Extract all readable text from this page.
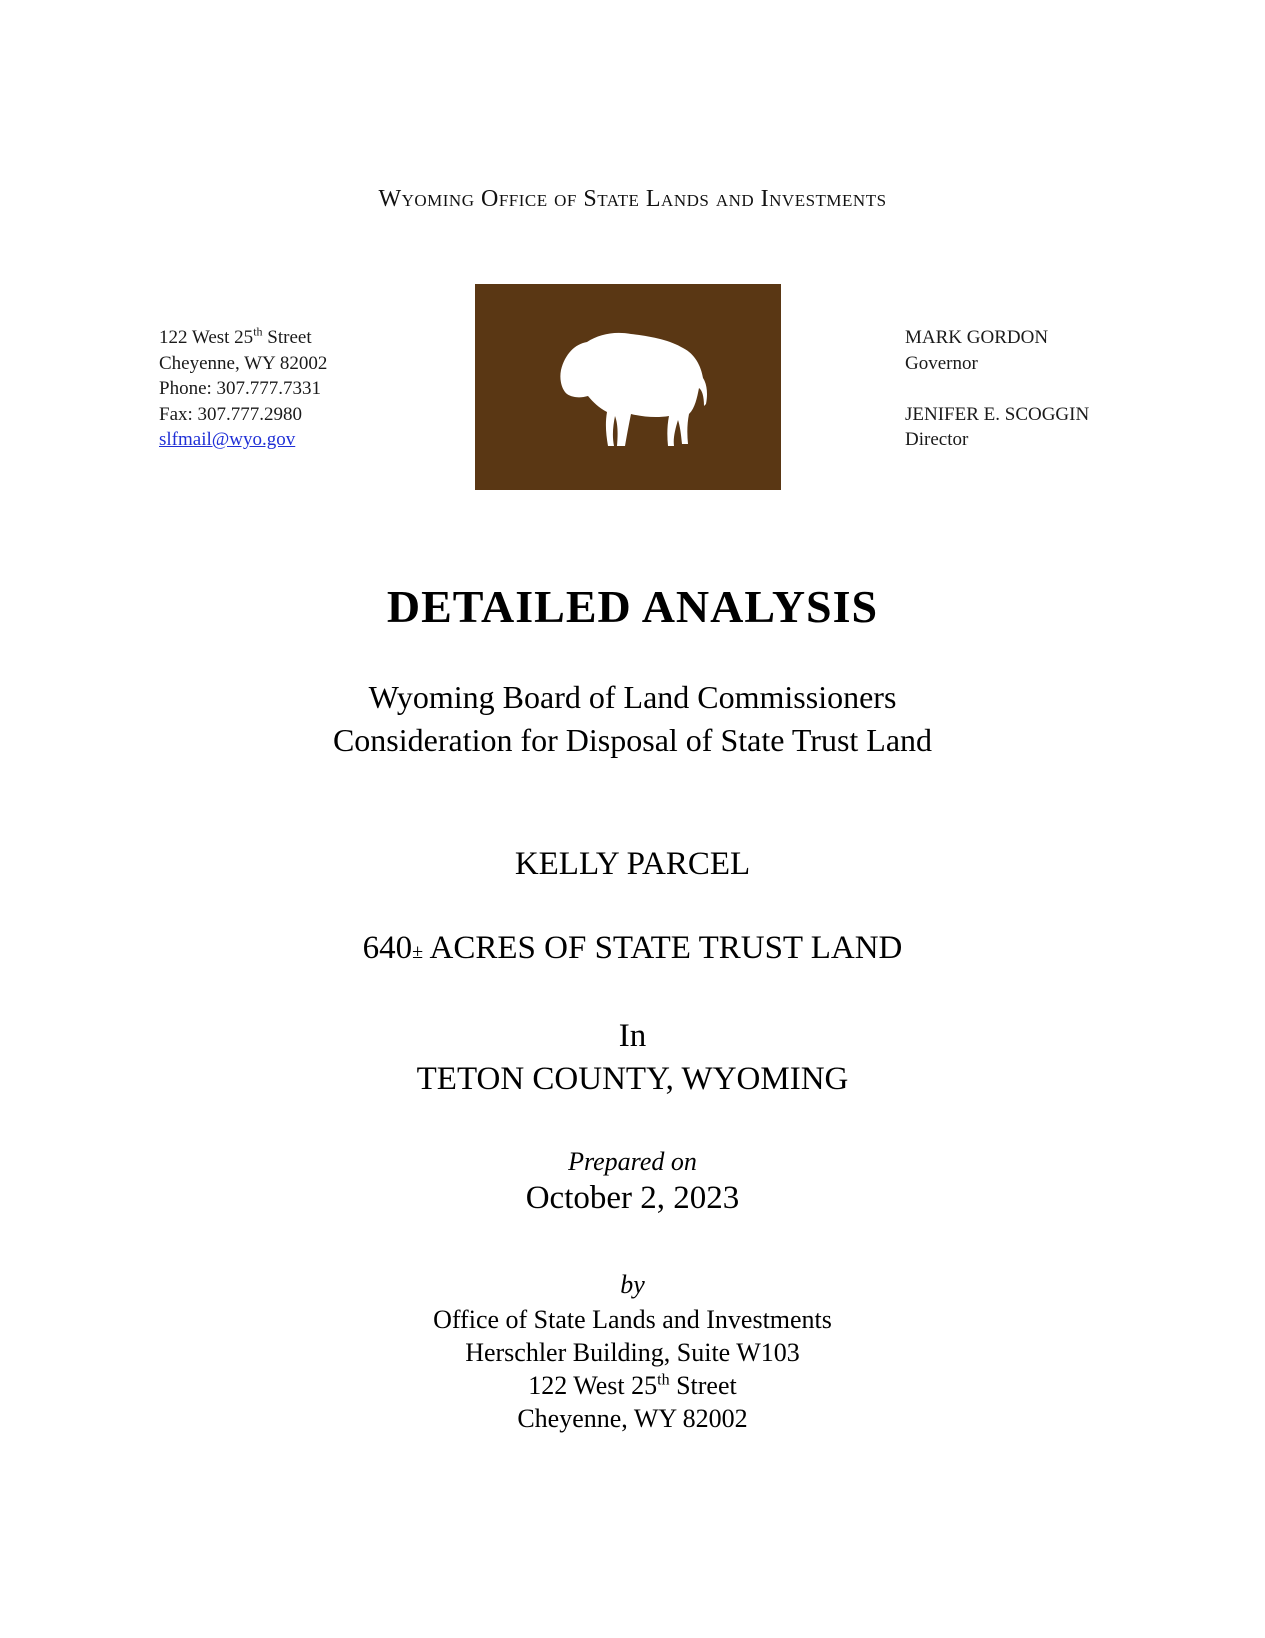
Wyoming Office of State Lands and Investments
122 West 25th Street
Cheyenne, WY 82002
Phone: 307.777.7331
Fax: 307.777.2980
slfmail@wyo.gov
MARK GORDON
Governor
JENIFER E. SCOGGIN
Director
DETAILED ANALYSIS
Wyoming Board of Land Commissioners
Consideration for Disposal of State Trust Land
KELLY PARCEL
640± ACRES OF STATE TRUST LAND
In
TETON COUNTY, WYOMING
Prepared on
October 2, 2023
by
Office of State Lands and Investments
Herschler Building, Suite W103
122 West 25th Street
Cheyenne, WY 82002
